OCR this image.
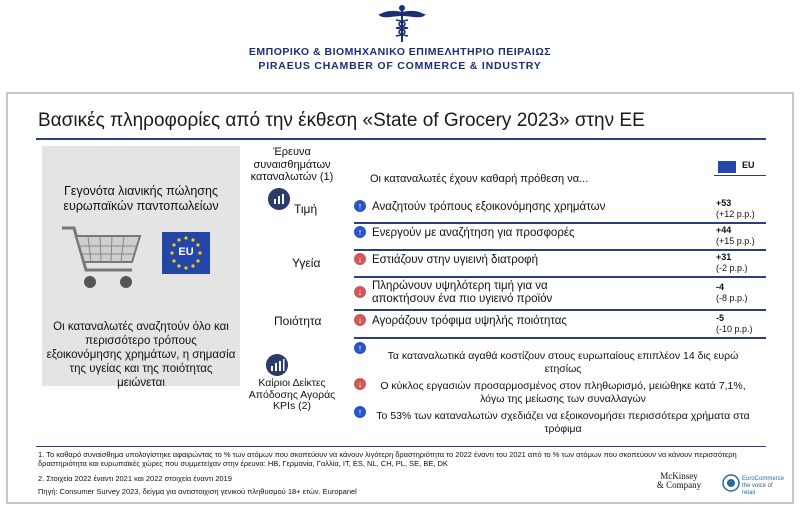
ΕΜΠΟΡΙΚΟ & ΒΙΟΜΗΧΑΝΙΚΟ ΕΠΙΜΕΛΗΤΗΡΙΟ ΠΕΙΡΑΙΩΣ
PIRAEUS CHAMBER OF COMMERCE & INDUSTRY
Βασικές πληροφορίες από την έκθεση «State of Grocery 2023» στην ΕΕ
Γεγονότα λιανικής πώλησης ευρωπαϊκών παντοπωλείων
EU
Οι καταναλωτές αναζητούν όλο και περισσότερο τρόπους εξοικονόμησης χρημάτων, η σημασία της υγείας και της ποιότητας μειώνεται
Έρευνα συναισθημάτων καταναλωτών (1)	Οι καταναλωτές έχουν καθαρή πρόθεση να...
EU
Τιμή
Υγεία
Ποιότητα
↑ Αναζητούν τρόπους εξοικονόμησης χρημάτων	+53
(+12 p.p.)
↑ Ενεργούν με αναζήτηση για προσφορές	+44
(+15 p.p.)
↓ Εστιάζουν στην υγιεινή διατροφή	+31
(-2 p.p.)
↓ Πληρώνουν υψηλότερη τιμή για να
αποκτήσουν ένα πιο υγιεινό προϊόν
-4
(-8 p.p.)
↓ Αγοράζουν τρόφιμα υψηλής ποιότητας	-5
(-10 p.p.)
Καίριοι Δείκτες Απόδοσης Αγοράς KPIs (2)
↑
Τα καταναλωτικά αγαθά κοστίζουν στους ευρωπαίους επιπλέον 14 δις ευρώ ετησίως
↓	Ο κύκλος εργασιών προσαρμοσμένος στον πληθωρισμό, μειώθηκε κατά 7,1%, λόγω της μείωσης των συναλλαγών
↑	Το 53% των καταναλωτών σχεδιάζει να εξοικονομήσει περισσότερα χρήματα στα τρόφιμα
1. Το καθαρό συναίσθημα υπολογίστηκε αφαιρώντας το % των ατόμων που σκοπεύουν να κάνουν λιγότερη δραστηριότητα το 2022 έναντι του 2021 από το % των ατόμων που σκοπεύουν να κάνουν περισσότερη δραστηριότητα και ευρωπαϊκές χώρες που συμμετείχαν στην έρευνα: HB, Γερμανία, Γαλλία, IT, ES, NL, CH, PL, SE, BE, DK
2. Στοιχεία 2022 έναντι 2021 και 2022 στοιχεία έναντι 2019
Πηγή: Consumer Survey 2023, δείγμα για αντιστοιχιση γενικού πληθυσμού 18+ ετών. Europanel
McKinsey
& Company
EuroCommerce
the voice of retail
